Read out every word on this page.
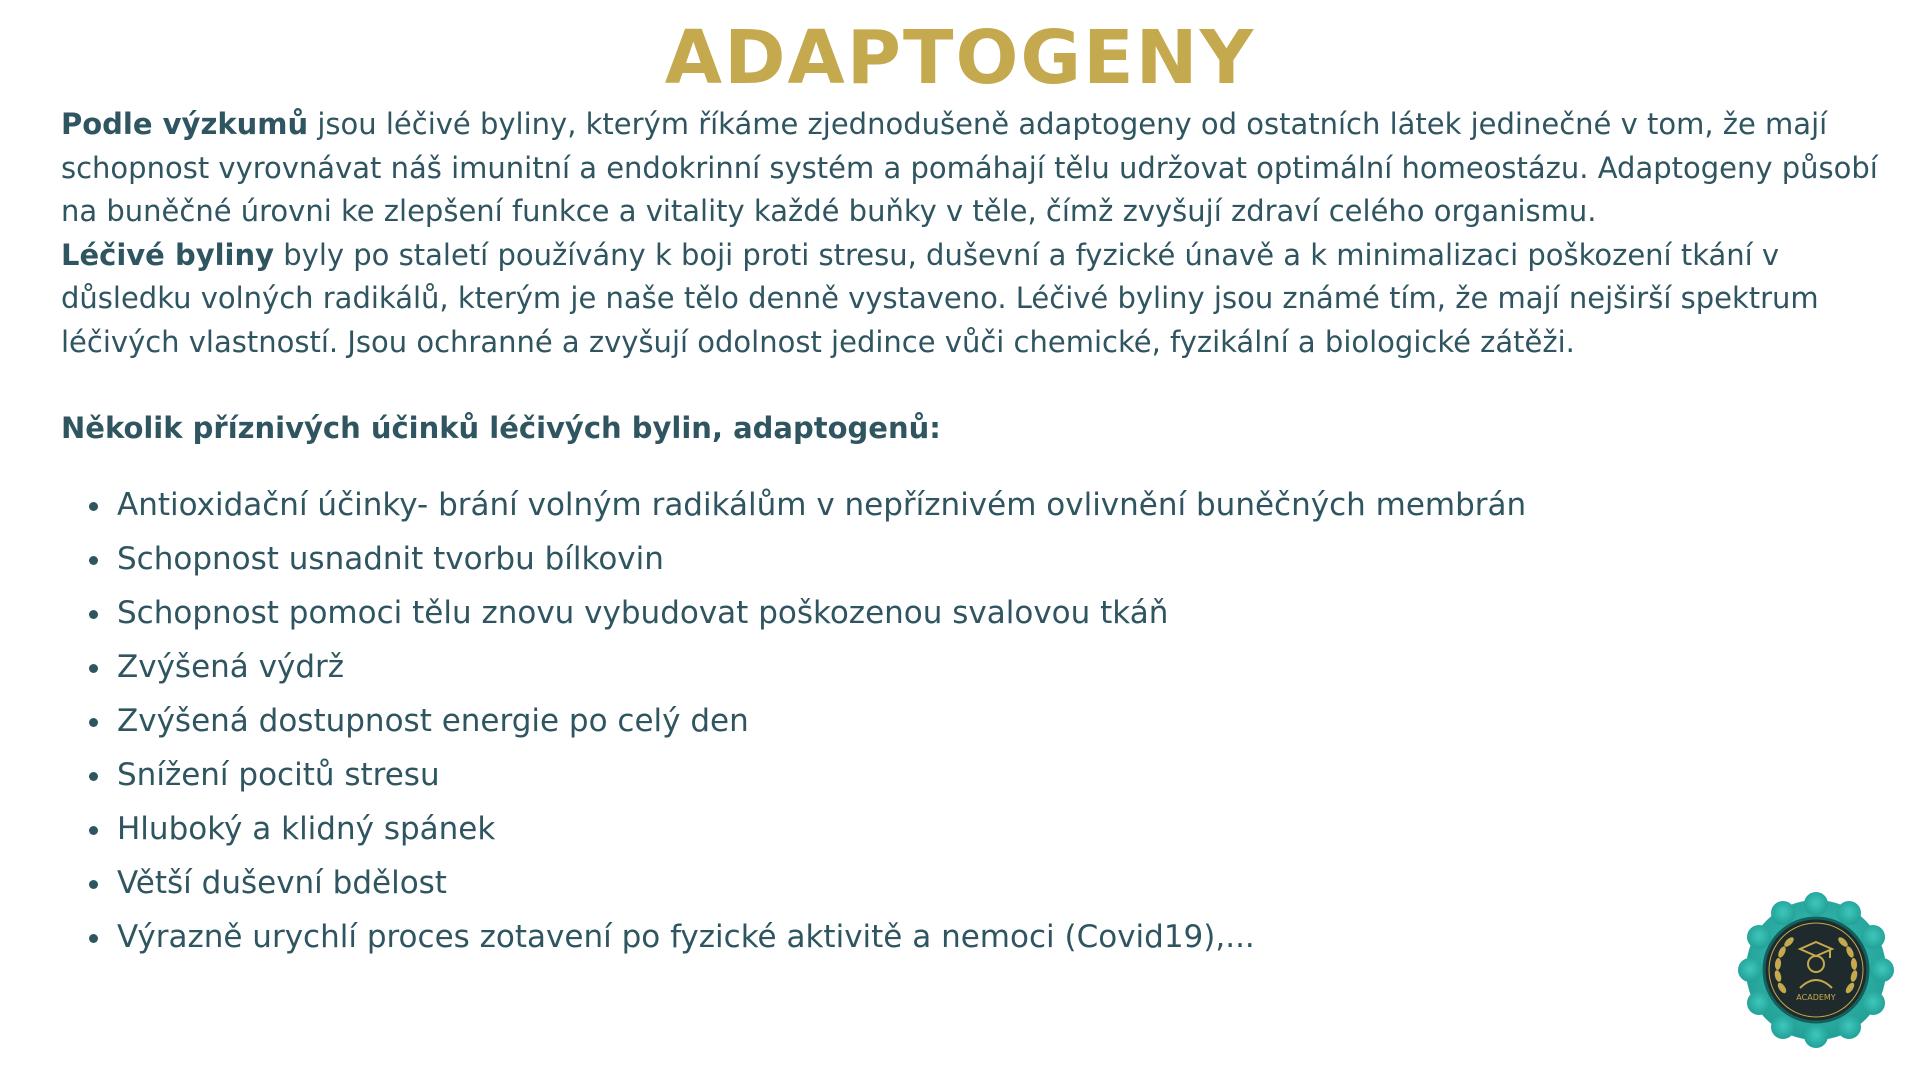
ADAPTOGENY

Podle výzkumů jsou léčivé byliny, kterým říkáme zjednodušeně adaptogeny od ostatních látek jedinečné v tom, že mají schopnost vyrovnávat náš imunitní a endokrinní systém a pomáhají tělu udržovat optimální homeostázu. Adaptogeny působí na buněčné úrovni ke zlepšení funkce a vitality každé buňky v těle, čímž zvyšují zdraví celého organismu.

Léčivé byliny byly po staletí používány k boji proti stresu, duševní a fyzické únavě a k minimalizaci poškození tkání v důsledku volných radikálů, kterým je naše tělo denně vystaveno. Léčivé byliny jsou známé tím, že mají nejširší spektrum léčivých vlastností. Jsou ochranné a zvyšují odolnost jedince vůči chemické, fyzikální a biologické zátěži.

Několik příznivých účinků léčivých bylin, adaptogenů:

Antioxidační účinky- brání volným radikálům v nepříznivém ovlivnění buněčných membrán
Schopnost usnadnit tvorbu bílkovin
Schopnost pomoci tělu znovu vybudovat poškozenou svalovou tkáň
Zvýšená výdrž
Zvýšená dostupnost energie po celý den
Snížení pocitů stresu
Hluboký a klidný spánek
Větší duševní bdělost
Výrazně urychlí proces zotavení po fyzické aktivitě a nemoci (Covid19),...
ACADEMY
